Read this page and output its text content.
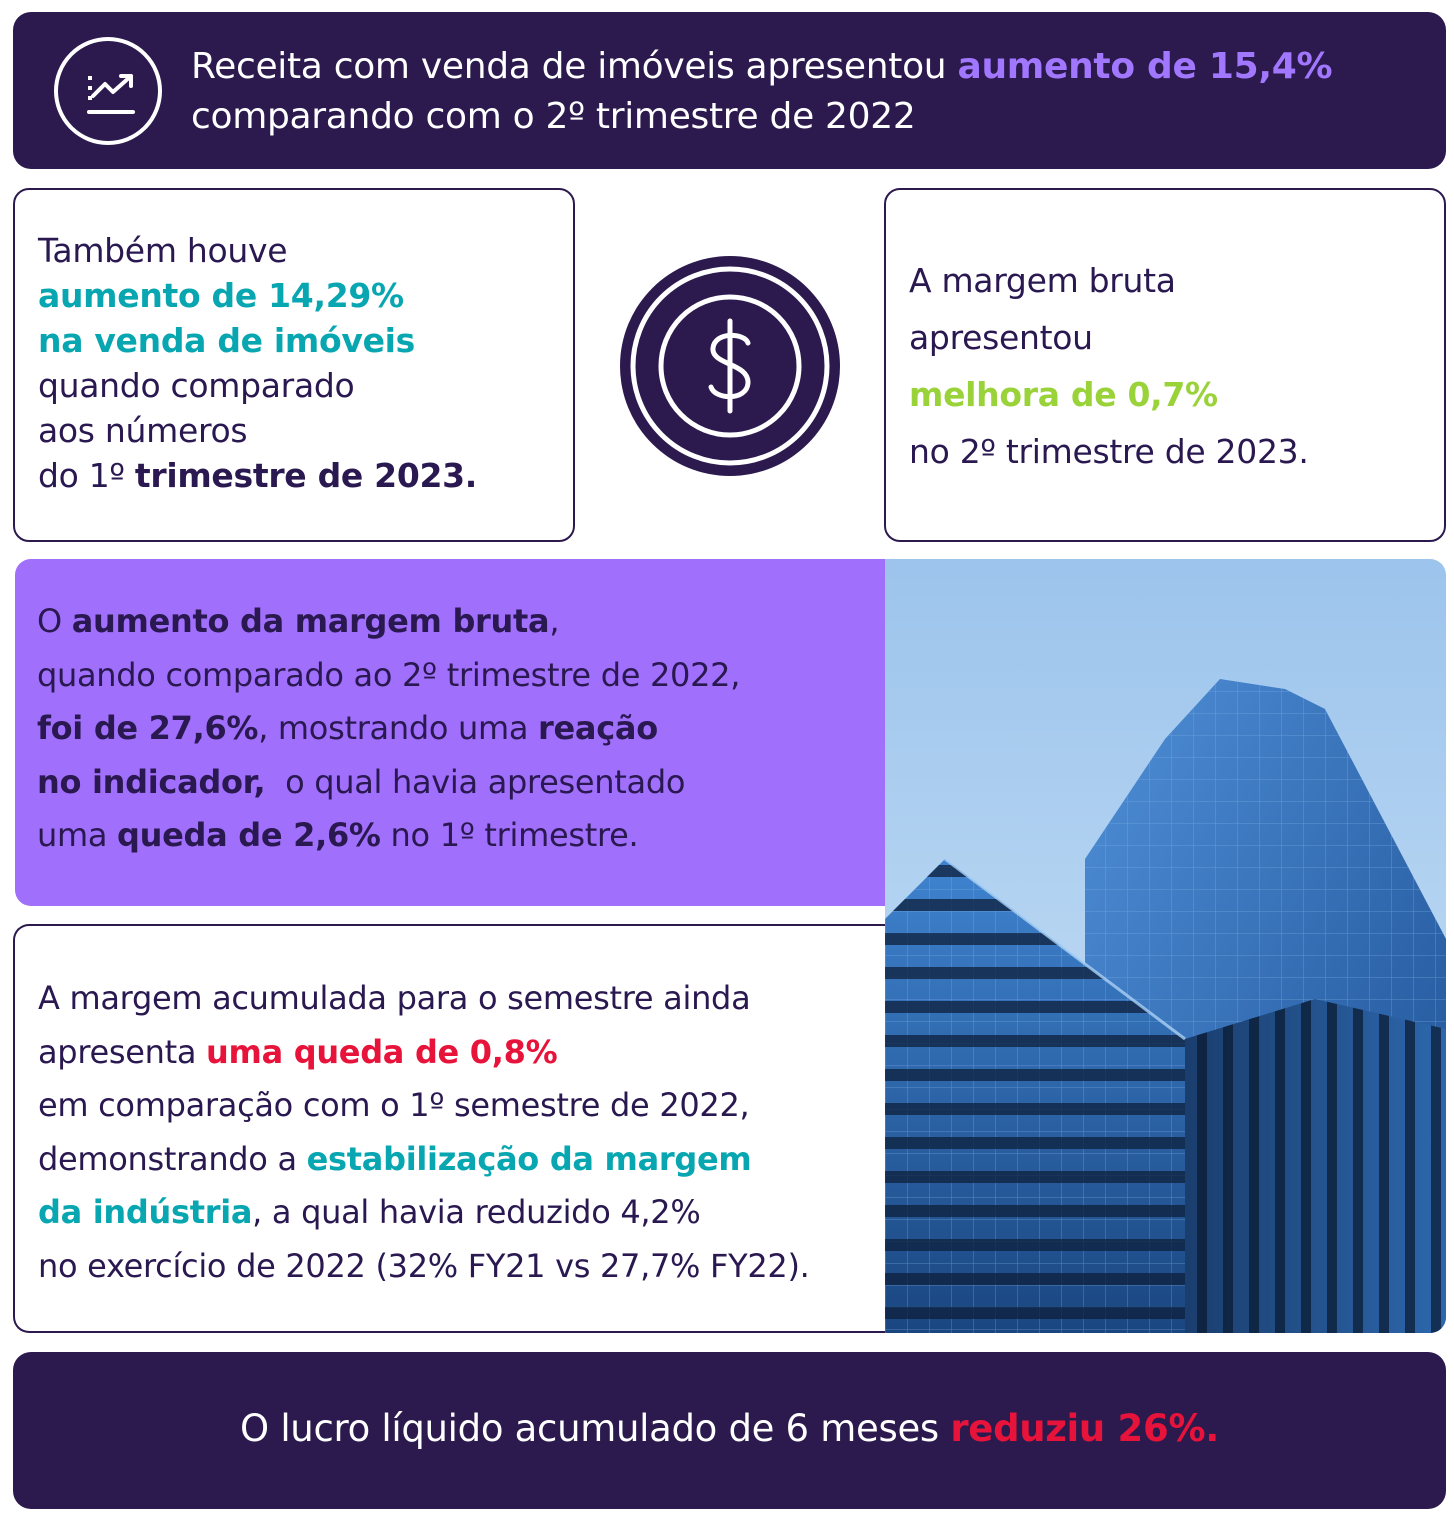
Receita com venda de imóveis apresentou aumento de 15,4%
comparando com o 2º trimestre de 2022
Também houve
aumento de 14,29%
na venda de imóveis
quando comparado
aos números
do 1º trimestre de 2023.
A margem bruta
apresentou
melhora de 0,7%
no 2º trimestre de 2023.
O aumento da margem bruta,
quando comparado ao 2º trimestre de 2022,
foi de 27,6%, mostrando uma reação
no indicador,  o qual havia apresentado
uma queda de 2,6% no 1º trimestre.
A margem acumulada para o semestre ainda
apresenta uma queda de 0,8%
em comparação com o 1º semestre de 2022,
demonstrando a estabilização da margem
da indústria, a qual havia reduzido 4,2%
no exercício de 2022 (32% FY21 vs 27,7% FY22).
O lucro líquido acumulado de 6 meses reduziu 26%.
